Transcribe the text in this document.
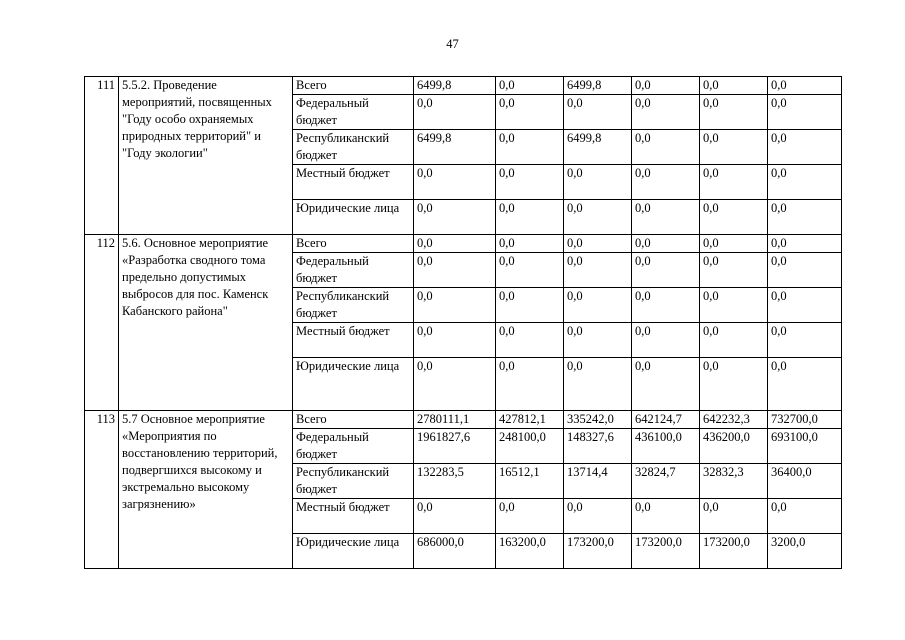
47
111	5.5.2. Проведение мероприятий, посвященных "Году особо охраняемых природных территорий" и "Году экологии"	Всего	6499,8	0,0	6499,8	0,0	0,0	0,0
		Федеральный бюджет	0,0	0,0	0,0	0,0	0,0	0,0
		Республиканский бюджет	6499,8	0,0	6499,8	0,0	0,0	0,0
		Местный бюджет	0,0	0,0	0,0	0,0	0,0	0,0
		Юридические лица	0,0	0,0	0,0	0,0	0,0	0,0
112	5.6. Основное мероприятие «Разработка сводного тома предельно допустимых выбросов для пос. Каменск Кабанского района"	Всего	0,0	0,0	0,0	0,0	0,0	0,0
		Федеральный бюджет	0,0	0,0	0,0	0,0	0,0	0,0
		Республиканский бюджет	0,0	0,0	0,0	0,0	0,0	0,0
		Местный бюджет	0,0	0,0	0,0	0,0	0,0	0,0
		Юридические лица	0,0	0,0	0,0	0,0	0,0	0,0
113	5.7 Основное мероприятие «Мероприятия по восстановлению территорий, подвергшихся высокому и экстремально высокому загрязнению»	Всего	2780111,1	427812,1	335242,0	642124,7	642232,3	732700,0
		Федеральный бюджет	1961827,6	248100,0	148327,6	436100,0	436200,0	693100,0
		Республиканский бюджет	132283,5	16512,1	13714,4	32824,7	32832,3	36400,0
		Местный бюджет	0,0	0,0	0,0	0,0	0,0	0,0
		Юридические лица	686000,0	163200,0	173200,0	173200,0	173200,0	3200,0
